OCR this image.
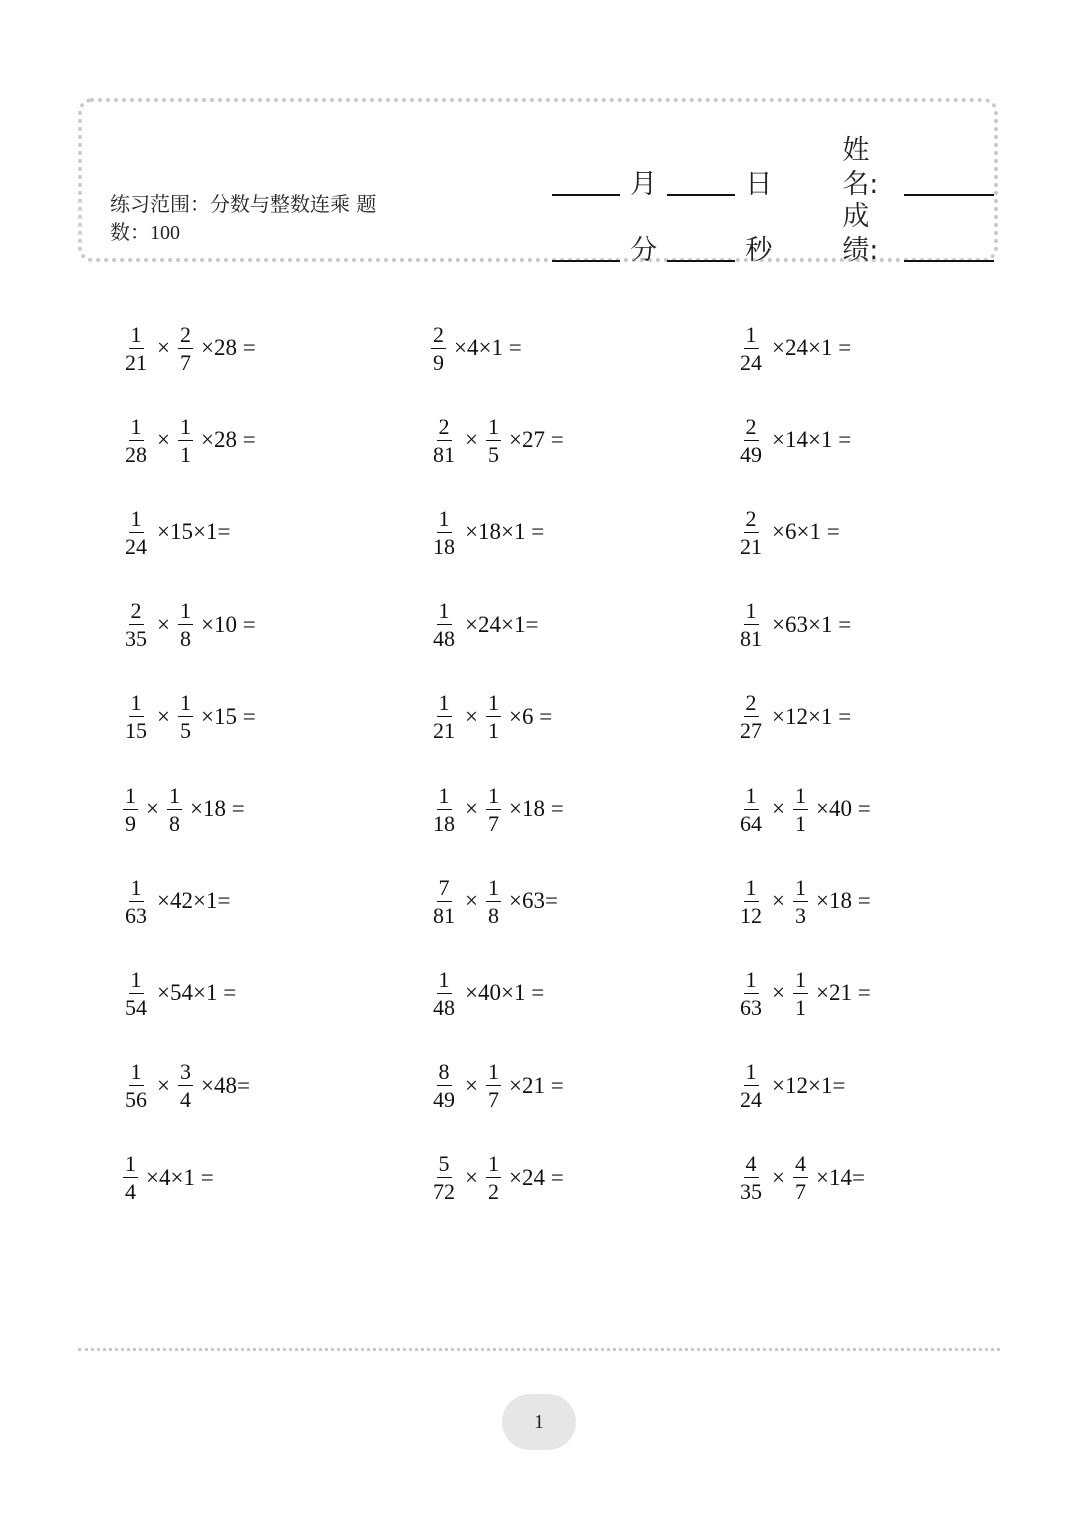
练习范围：分数与整数连乘 题
数：100
月	日
姓名:
分	秒
成绩:
$\frac{1}{21} \times \frac{2}{7} \times 28$ =	$\frac{2}{9} \times 4\times 1$ =	$\frac{1}{24} \times 24\times 1$ =
$\frac{1}{28} \times \frac{1}{1} \times 28$ =	$\frac{2}{81} \times \frac{1}{5} \times 27$ =	$\frac{2}{49} \times 14\times 1$ =
$\frac{1}{24} \times 15\times 1=$	$\frac{1}{18} \times 18\times 1$ =	$\frac{2}{21} \times 6\times 1$ =
$\frac{2}{35} \times \frac{1}{8} \times 10$ =	$\frac{1}{48} \times 24\times 1=$	$\frac{1}{81} \times 63\times 1$ =
$\frac{1}{15} \times \frac{1}{5} \times 15$ =	$\frac{1}{21} \times \frac{1}{1} \times 6$ =	$\frac{2}{27} \times 12\times 1$ =
$\frac{1}{9} \times \frac{1}{8} \times 18$ =	$\frac{1}{18} \times \frac{1}{7} \times 18$ =	$\frac{1}{64} \times \frac{1}{1} \times 40$ =
$\frac{1}{63} \times 42\times 1=$	$\frac{7}{81} \times \frac{1}{8} \times 63=$	$\frac{1}{12} \times \frac{1}{3} \times 18$ =
$\frac{1}{54} \times 54\times 1$ =	$\frac{1}{48} \times 40\times 1$ =	$\frac{1}{63} \times \frac{1}{1} \times 21$ =
$\frac{1}{56} \times \frac{3}{4} \times 48=$	$\frac{8}{49} \times \frac{1}{7} \times 21$ =	$\frac{1}{24} \times 12\times 1=$
$\frac{1}{4} \times 4\times 1$ =	$\frac{5}{72} \times \frac{1}{2} \times 24$ =	$\frac{4}{35} \times \frac{4}{7} \times 14=$
1
